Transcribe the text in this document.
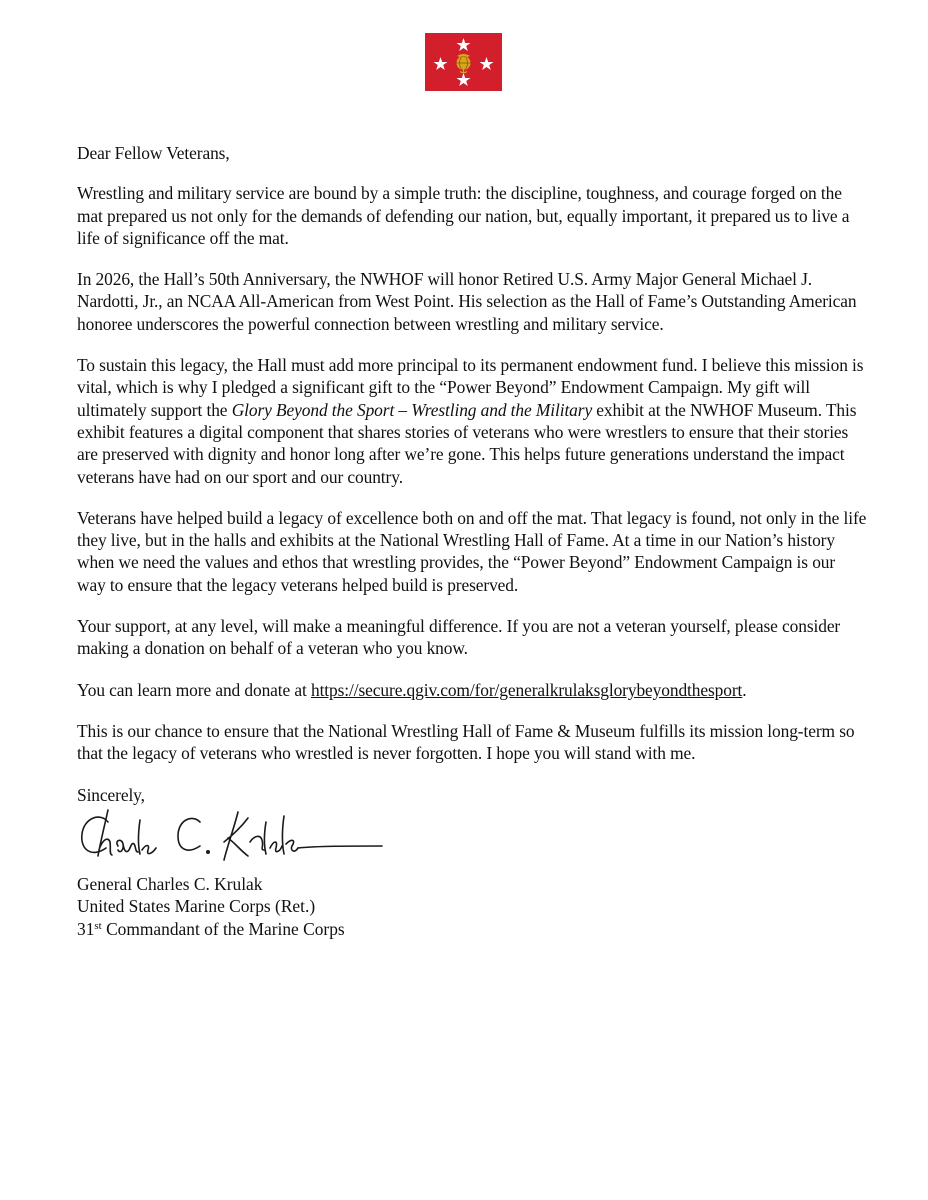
Dear Fellow Veterans,

Wrestling and military service are bound by a simple truth: the discipline, toughness, and courage forged on the mat prepared us not only for the demands of defending our nation, but, equally important, it prepared us to live a life of significance off the mat.

In 2026, the Hall’s 50th Anniversary, the NWHOF will honor Retired U.S. Army Major General Michael J. Nardotti, Jr., an NCAA All-American from West Point. His selection as the Hall of Fame’s Outstanding American honoree underscores the powerful connection between wrestling and military service.

To sustain this legacy, the Hall must add more principal to its permanent endowment fund. I believe this mission is vital, which is why I pledged a significant gift to the “Power Beyond” Endowment Campaign. My gift will ultimately support the Glory Beyond the Sport – Wrestling and the Military exhibit at the NWHOF Museum. This exhibit features a digital component that shares stories of veterans who were wrestlers to ensure that their stories are preserved with dignity and honor long after we’re gone. This helps future generations understand the impact veterans have had on our sport and our country.

Veterans have helped build a legacy of excellence both on and off the mat. That legacy is found, not only in the life they live, but in the halls and exhibits at the National Wrestling Hall of Fame. At a time in our Nation’s history when we need the values and ethos that wrestling provides, the “Power Beyond” Endowment Campaign is our way to ensure that the legacy veterans helped build is preserved.

Your support, at any level, will make a meaningful difference. If you are not a veteran yourself, please consider making a donation on behalf of a veteran who you know.

You can learn more and donate at https://secure.qgiv.com/for/generalkrulaksglorybeyondthesport.

This is our chance to ensure that the National Wrestling Hall of Fame & Museum fulfills its mission long-term so that the legacy of veterans who wrestled is never forgotten. I hope you will stand with me.

Sincerely,

General Charles C. Krulak
United States Marine Corps (Ret.)
31st Commandant of the Marine Corps
